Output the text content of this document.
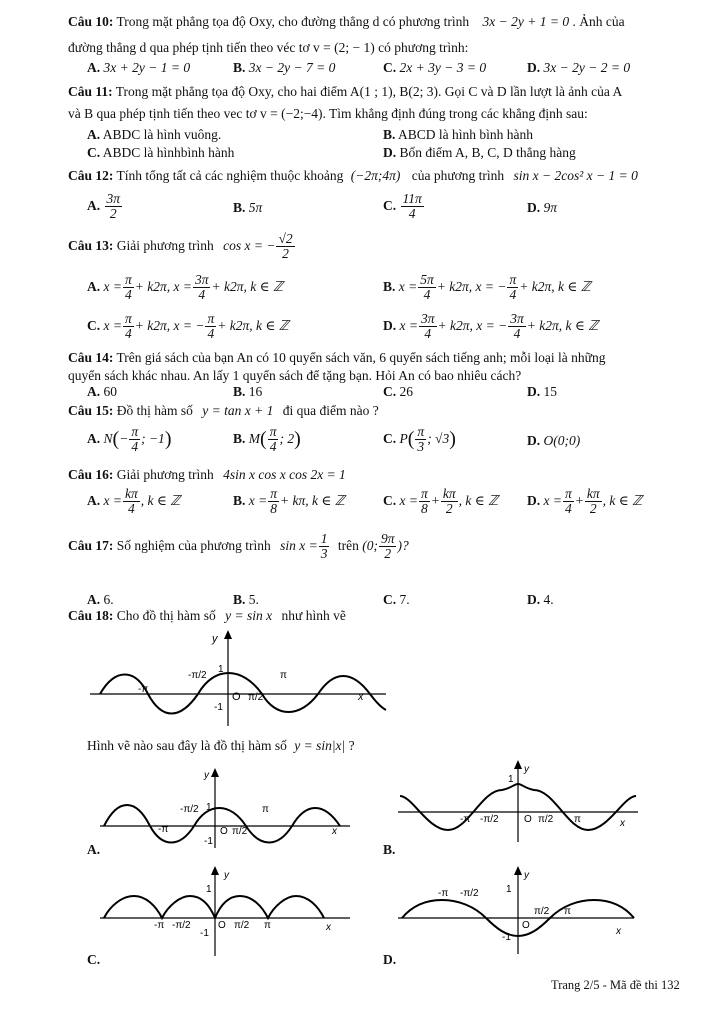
Câu 10: Trong mặt phẳng tọa độ Oxy, cho đường thẳng d có phương trình 3x − 2y + 1 = 0 . Ảnh của
đường thẳng d qua phép tịnh tiến theo véc tơ v = (2; − 1) có phương trình:
A. 3x + 2y − 1 = 0	B. 3x − 2y − 7 = 0	C. 2x + 3y − 3 = 0	D. 3x − 2y − 2 = 0
Câu 11: Trong mặt phẳng tọa độ Oxy, cho hai điểm A(1 ; 1), B(2; 3). Gọi C và D lần lượt là ảnh của A
và B qua phép tịnh tiến theo vec tơ v = (−2;−4). Tìm khẳng định đúng trong các khẳng định sau:
A. ABDC là hình vuông.	B. ABCD là hình bình hành
C. ABDC là hìnhbình hành	D. Bốn điểm A, B, C, D thẳng hàng
Câu 12: Tính tổng tất cả các nghiệm thuộc khoảng (−2π;4π) của phương trình sin x − 2cos² x − 1 = 0
A. $\frac{3\pi}{2}$	B. 5π	C. $\frac{11\pi}{4}$	D. 9π
Câu 13: Giải phương trình cos x = − $\frac{√2}{2}$
A. $x = \frac{\pi}{4} + k2\pi$, $x = \frac{3\pi}{4} + k2\pi$, k ∈ ℤ	B. $x = \frac{5\pi}{4} + k2\pi$, x = − $\frac{\pi}{4} + k2\pi$, k ∈ ℤ
C. $x = \frac{\pi}{4} + k2\pi$, x = − $\frac{\pi}{4} + k2\pi$, k ∈ ℤ	D. $x = \frac{3\pi}{4} + k2\pi$, x = − $\frac{3\pi}{4} + k2\pi$, k ∈ ℤ
Câu 14: Trên giá sách của bạn An có 10 quyển sách văn, 6 quyển sách tiếng anh; mỗi loại là những
quyển sách khác nhau. An lấy 1 quyển sách để tặng bạn. Hỏi An có bao nhiêu cách?
A. 60	B. 16	C. 26	D. 15
Câu 15: Đồ thị hàm số y = tan x + 1 đi qua điểm nào ?
A. $N(- \frac{\pi}{4}$ ; −1)	B. $M( \frac{\pi}{4}$ ; 2)	C. $P( \frac{\pi}{3}$ ; √3)	D. O(0;0)
Câu 16: Giải phương trình 4sin x cos x cos 2x = 1
A. $x = \frac{k\pi}{4}$ , k ∈ ℤ	B. $x = \frac{\pi}{8} + k\pi$, k ∈ ℤ	C. $x = \frac{\pi}{8} + \frac{k\pi}{2}$ , k ∈ ℤ D. $x = \frac{\pi}{4} + \frac{k\pi}{2}$ , k ∈ ℤ
Câu 17: Số nghiệm của phương trình $\sin x = \frac{1}{3}$ trên (0; $\frac{9\pi}{2}$ )?
A. 6.	B. 5.	C. 7.	D. 4.
Câu 18: Cho đồ thị hàm số y = sin x như hình vẽ
y
x
O
1
-1
π
-π
π/2
-π/2
Hình vẽ nào sau đây là đồ thị hàm số y = sin|x| ?
y
x
O
1
-1
π
-π	π/2
-π/2
A.
y
x
O
1
π
-π	π/2
-π/2
B.
y
x
O
1
-1
π
-π	π/2
-π/2
C.
y
x
O
1
-1
π
-π
π/2
-π/2
D.
Trang 2/5 - Mã đề thi 132
